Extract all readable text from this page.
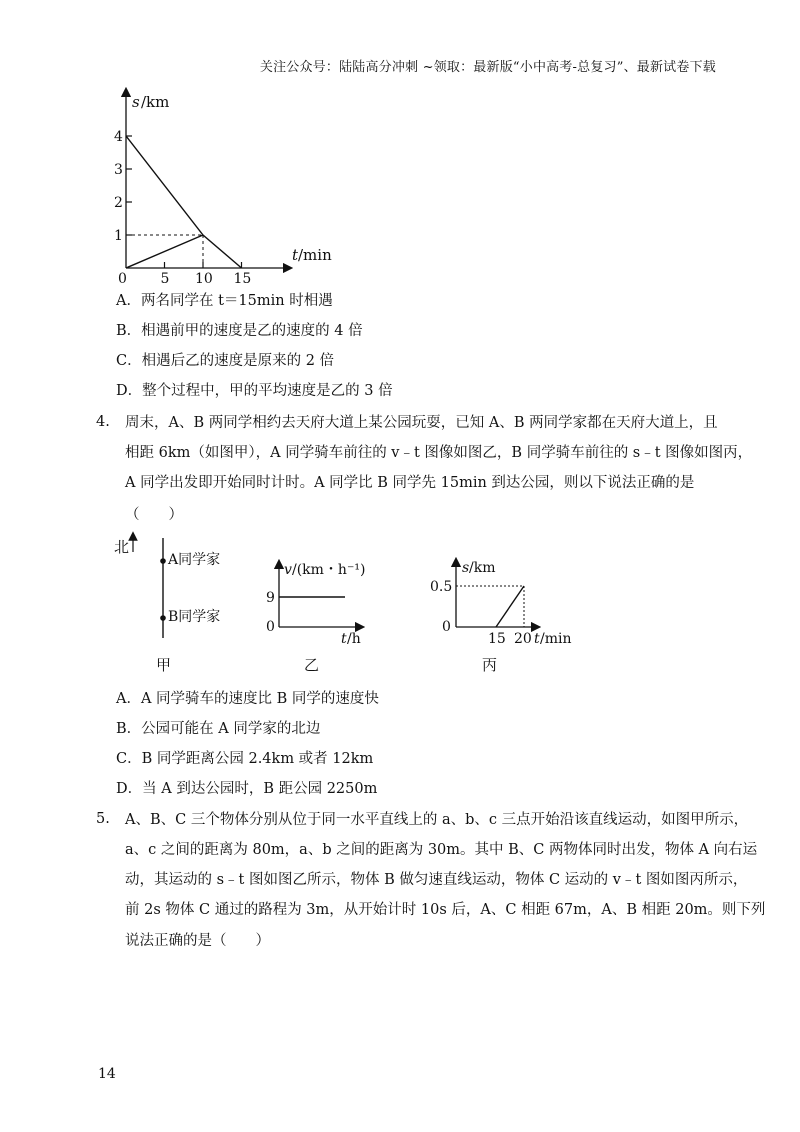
关注公众号：陆陆高分冲刺 ~领取：最新版“小中高考-总复习”、最新试卷下载
s /km
t /min
4
3
2
1
5 10 15
0
A．两名同学在 t＝15min 时相遇
B．相遇前甲的速度是乙的速度的 4 倍
C．相遇后乙的速度是原来的 2 倍
D．整个过程中，甲的平均速度是乙的 3 倍
4. 周末，A、B 两同学相约去天府大道上某公园玩耍，已知 A、B 两同学家都在天府大道上，且
相距 6km（如图甲），A 同学骑车前往的 v﹣t 图像如图乙，B 同学骑车前往的 s﹣t 图像如图丙，
A 同学出发即开始同时计时。A 同学比 B 同学先 15min 到达公园，则以下说法正确的是
（　　）
北
A同学家
B同学家
甲
v /(km・h⁻¹)
9
0
t /h
乙
s /km
0.5
0
15 20 t /min
丙
A．A 同学骑车的速度比 B 同学的速度快
B．公园可能在 A 同学家的北边
C．B 同学距离公园 2.4km 或者 12km
D．当 A 到达公园时，B 距公园 2250m
5. A、B、C 三个物体分别从位于同一水平直线上的 a、b、c 三点开始沿该直线运动，如图甲所示，
a、c 之间的距离为 80m，a、b 之间的距离为 30m。其中 B、C 两物体同时出发，物体 A 向右运
动，其运动的 s﹣t 图如图乙所示，物体 B 做匀速直线运动，物体 C 运动的 v﹣t 图如图丙所示，
前 2s 物体 C 通过的路程为 3m，从开始计时 10s 后，A、C 相距 67m，A、B 相距 20m。则下列
说法正确的是（　　）
14
